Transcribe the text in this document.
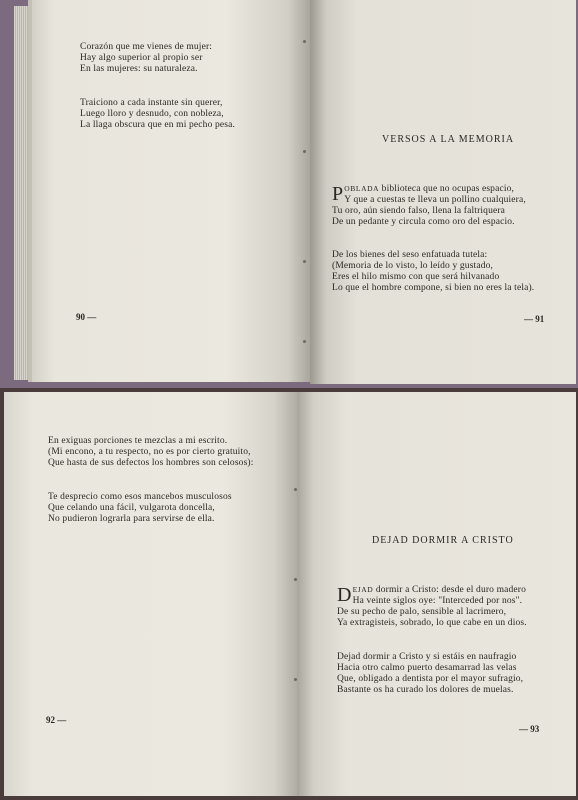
Corazón que me vienes de mujer:
Hay algo superior al propio ser
En las mujeres: su naturaleza.
Traiciono a cada instante sin querer,
Luego lloro y desnudo, con nobleza,
La llaga obscura que en mi pecho pesa.
90 —
VERSOS A LA MEMORIA
POBLADA biblioteca que no ocupas espacio,
Y que a cuestas te lleva un pollino cualquiera,
Tu oro, aún siendo falso, llena la faltriquera
De un pedante y circula como oro del espacio.
De los bienes del seso enfatuada tutela:
(Memoria de lo visto, lo leído y gustado,
Eres el hilo mismo con que será hilvanado
Lo que el hombre compone, si bien no eres la tela).
— 91
En exiguas porciones te mezclas a mi escrito.
(Mi encono, a tu respecto, no es por cierto gratuito,
Que hasta de sus defectos los hombres son celosos):
Te desprecio como esos mancebos musculosos
Que celando una fácil, vulgarota doncella,
No pudieron lograrla para servirse de ella.
92 —
DEJAD DORMIR A CRISTO
DEJAD dormir a Cristo: desde el duro madero
Ha veinte siglos oye: "Interceded por nos".
De su pecho de palo, sensible al lacrimero,
Ya extragisteis, sobrado, lo que cabe en un dios.
Dejad dormir a Cristo y si estáis en naufragio
Hacia otro calmo puerto desamarrad las velas
Que, obligado a dentista por el mayor sufragio,
Bastante os ha curado los dolores de muelas.
— 93
